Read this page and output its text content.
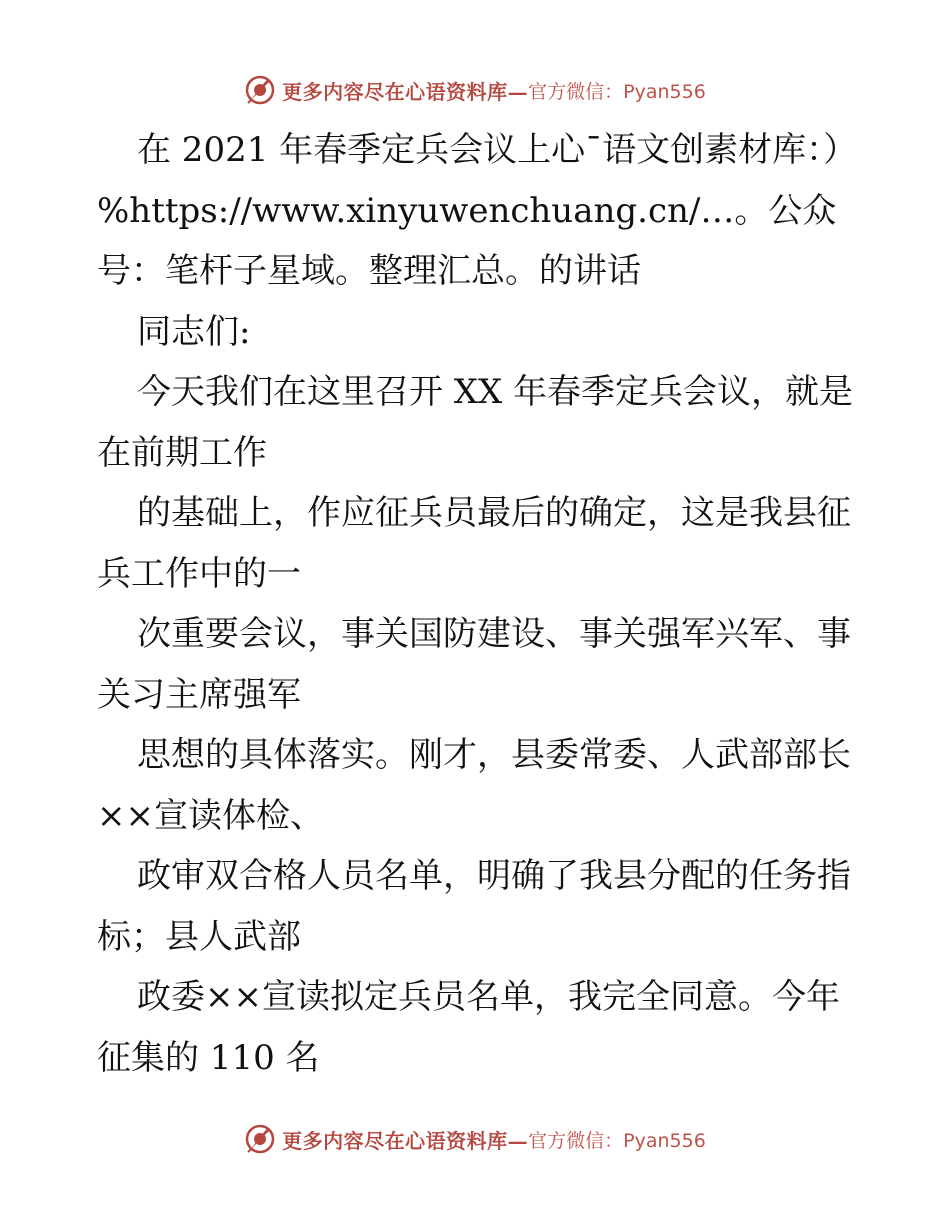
更多内容尽在心语资料库— 官方微信：Pyan556

在 2021 年春季定兵会议上心¯语文创素材库：）%https://www.xinyuwenchuang.cn/…。公众号：笔杆子星域。整理汇总。的讲话

同志们:

今天我们在这里召开 XX 年春季定兵会议，就是
在前期工作

的基础上，作应征兵员最后的确定，这是我县征
兵工作中的一

次重要会议，事关国防建设、事关强军兴军、事
关习主席强军

思想的具体落实。刚才，县委常委、人武部部长
××宣读体检、

政审双合格人员名单，明确了我县分配的任务指
标；县人武部

政委××宣读拟定兵员名单，我完全同意。今年
征集的 110 名

更多内容尽在心语资料库— 官方微信：Pyan556
